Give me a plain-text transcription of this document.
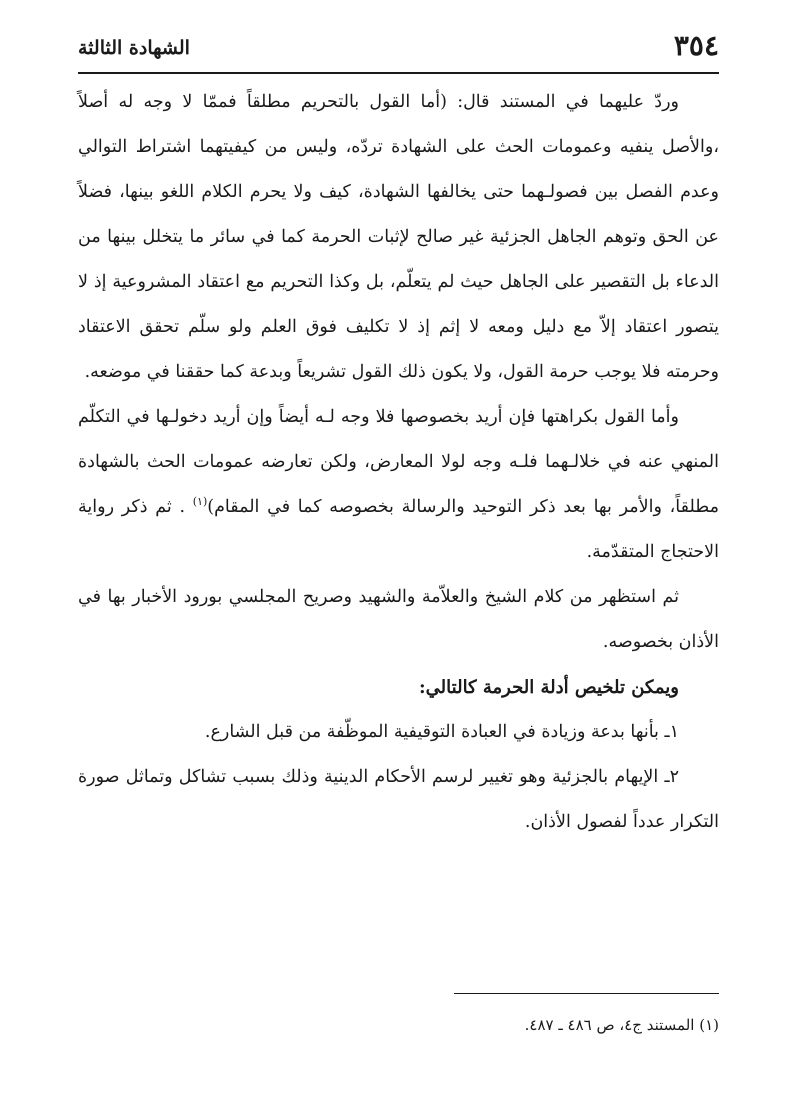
٣٥٤
الشهادة الثالثة

وردّ عليهما في المستند قال: (أما القول بالتحريم مطلقاً فممّا لا وجه له أصلاً ،والأصل ينفيه وعمومات الحث على الشهادة تردّه، وليس من كيفيتهما اشتراط التوالي وعدم الفصل بين فصولـهما حتى يخالفها الشهادة، كيف ولا يحرم الكلام اللغو بينها، فضلاً عن الحق وتوهم الجاهل الجزئية غير صالح لإثبات الحرمة كما في سائر ما يتخلل بينها من الدعاء بل التقصير على الجاهل حيث لم يتعلّم، بل وكذا التحريم مع اعتقاد المشروعية إذ لا يتصور اعتقاد إلاّ مع دليل ومعه لا إثم إذ لا تكليف فوق العلم ولو سلّم تحقق الاعتقاد وحرمته فلا يوجب حرمة القول، ولا يكون ذلك القول تشريعاً وبدعة كما حققنا في موضعه.

وأما القول بكراهتها فإن أريد بخصوصها فلا وجه لـه أيضاً وإن أريد دخولـها في التكلّم المنهي عنه في خلالـهما فلـه وجه لولا المعارض، ولكن تعارضه عمومات الحث بالشهادة مطلقاً، والأمر بها بعد ذكر التوحيد والرسالة بخصوصه كما في المقام)$^{(١)}$ . ثم ذكر رواية الاحتجاج المتقدّمة.

ثم استظهر من كلام الشيخ والعلاّمة والشهيد وصريح المجلسي بورود الأخبار بها في الأذان بخصوصه.

ويمكن تلخيص أدلة الحرمة كالتالي:

١ـ بأنها بدعة وزيادة في العبادة التوقيفية الموظّفة من قبل الشارع.

٢ـ الإيهام بالجزئية وهو تغيير لرسم الأحكام الدينية وذلك بسبب تشاكل وتماثل صورة التكرار عدداً لفصول الأذان.

(١) المستند ج٤، ص ٤٨٦ ـ ٤٨٧.
